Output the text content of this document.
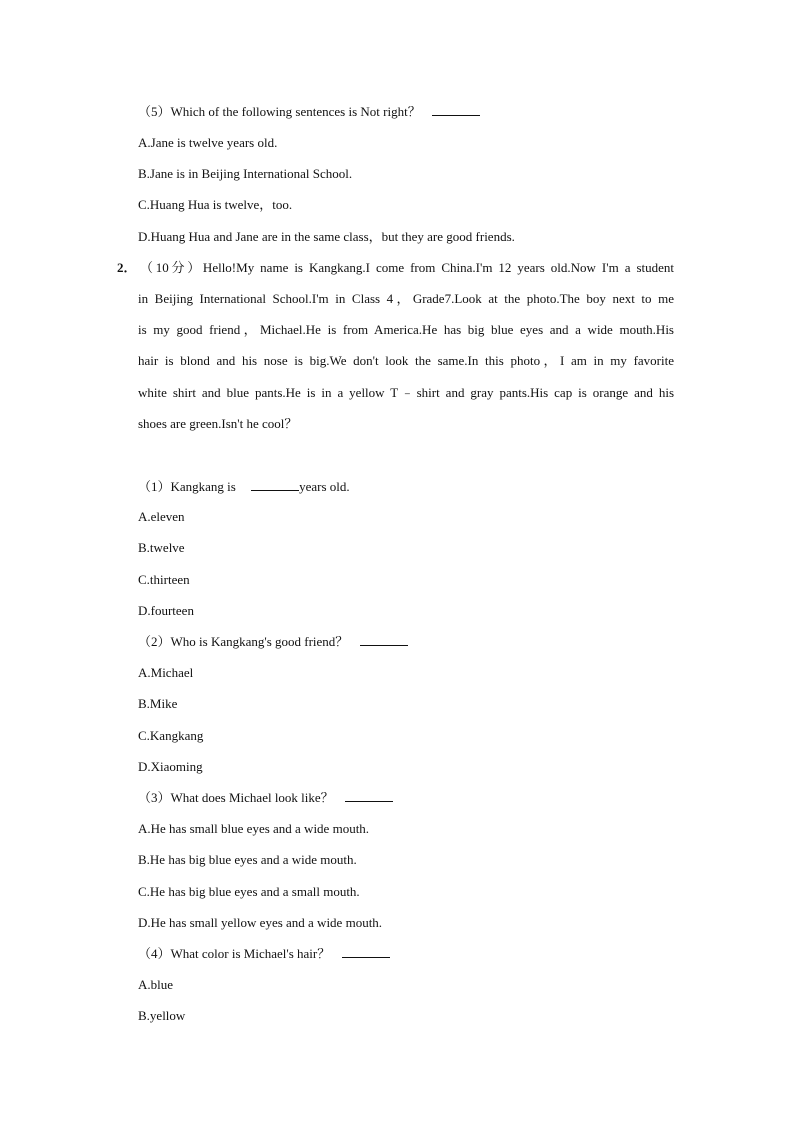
（5）Which of the following sentences is Not right？
A.Jane is twelve years old.
B.Jane is in Beijing International School.
C.Huang Hua is twelve，too.
D.Huang Hua and Jane are in the same class，but they are good friends.
2． （10分）Hello!My name is Kangkang.I come from China.I'm 12 years old.Now I'm a student
in Beijing International School.I'm in Class 4，Grade7.Look at the photo.The boy next to me
is my good friend，Michael.He is from America.He has big blue eyes and a wide mouth.His
hair is blond and his nose is big.We don't look the same.In this photo，I am in my favorite
white shirt and blue pants.He is in a yellow T﹣shirt and gray pants.His cap is orange and his
shoes are green.Isn't he cool？
（1）Kangkang is	years old.
A.eleven
B.twelve
C.thirteen
D.fourteen
（2）Who is Kangkang's good friend？
A.Michael
B.Mike
C.Kangkang
D.Xiaoming
（3）What does Michael look like？
A.He has small blue eyes and a wide mouth.
B.He has big blue eyes and a wide mouth.
C.He has big blue eyes and a small mouth.
D.He has small yellow eyes and a wide mouth.
（4）What color is Michael's hair？
A.blue
B.yellow
